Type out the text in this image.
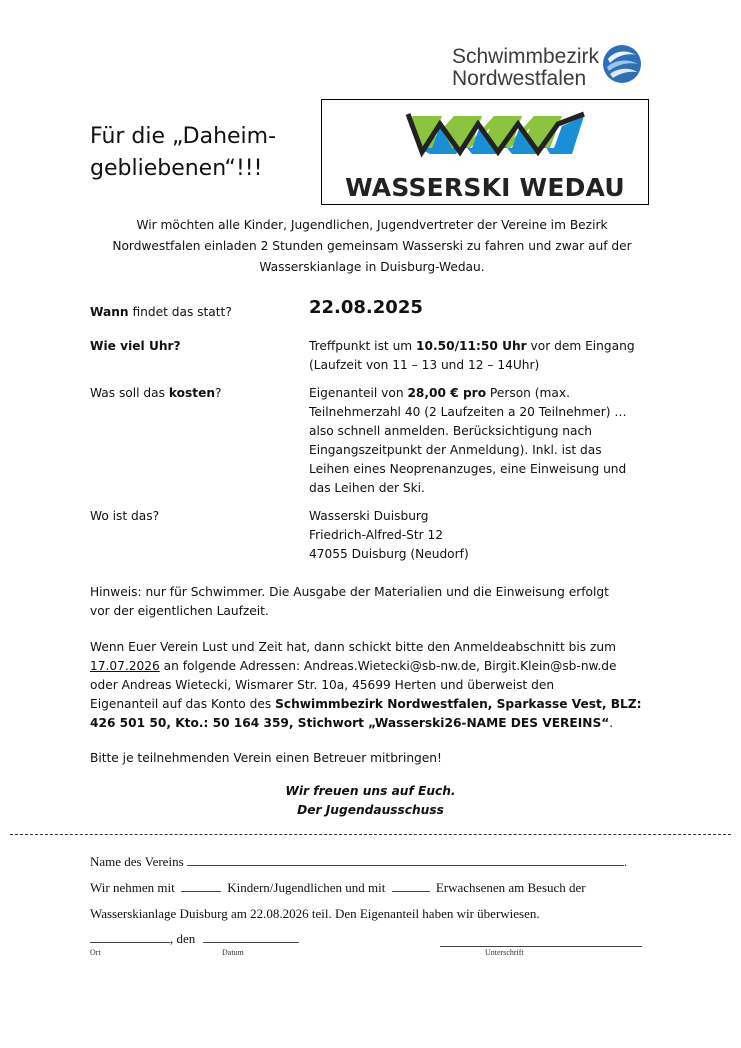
Schwimmbezirk
Nordwestfalen
Für die „Daheim-
gebliebenen“!!!
WASSERSKI WEDAU
Wir möchten alle Kinder, Jugendlichen, Jugendvertreter der Vereine im Bezirk Nordwestfalen einladen 2 Stunden gemeinsam Wasserski zu fahren und zwar auf der Wasserskianlage in Duisburg-Wedau.
Wann findet das statt?	22.08.2025
Wie viel Uhr?	Treffpunkt ist um 10.50/11:50 Uhr vor dem Eingang
(Laufzeit von 11 – 13 und 12 – 14Uhr)
Was soll das kosten?	Eigenanteil von 28,00 € pro Person (max.
Teilnehmerzahl 40 (2 Laufzeiten a 20 Teilnehmer) …
also schnell anmelden. Berücksichtigung nach
Eingangszeitpunkt der Anmeldung). Inkl. ist das
Leihen eines Neoprenanzuges, eine Einweisung und
das Leihen der Ski.
Wo ist das?	Wasserski Duisburg
Friedrich-Alfred-Str 12
47055 Duisburg (Neudorf)
Hinweis: nur für Schwimmer. Die Ausgabe der Materialien und die Einweisung erfolgt
vor der eigentlichen Laufzeit.
Wenn Euer Verein Lust und Zeit hat, dann schickt bitte den Anmeldeabschnitt bis zum
17.07.2026 an folgende Adressen: Andreas.Wietecki@sb-nw.de, Birgit.Klein@sb-nw.de
oder Andreas Wietecki, Wismarer Str. 10a, 45699 Herten und überweist den
Eigenanteil auf das Konto des Schwimmbezirk Nordwestfalen, Sparkasse Vest, BLZ:
426 501 50, Kto.: 50 164 359, Stichwort „Wasserski26-NAME DES VEREINS“.
Bitte je teilnehmenden Verein einen Betreuer mitbringen!
Wir freuen uns auf Euch.
Der Jugendausschuss
Name des Vereins	.
Wir nehmen mit	Kindern/Jugendlichen und mit	Erwachsenen am Besuch der
Wasserskianlage Duisburg am 22.08.2026 teil. Den Eigenanteil haben wir überwiesen.
, den
Ort	Datum	Unterschrift
